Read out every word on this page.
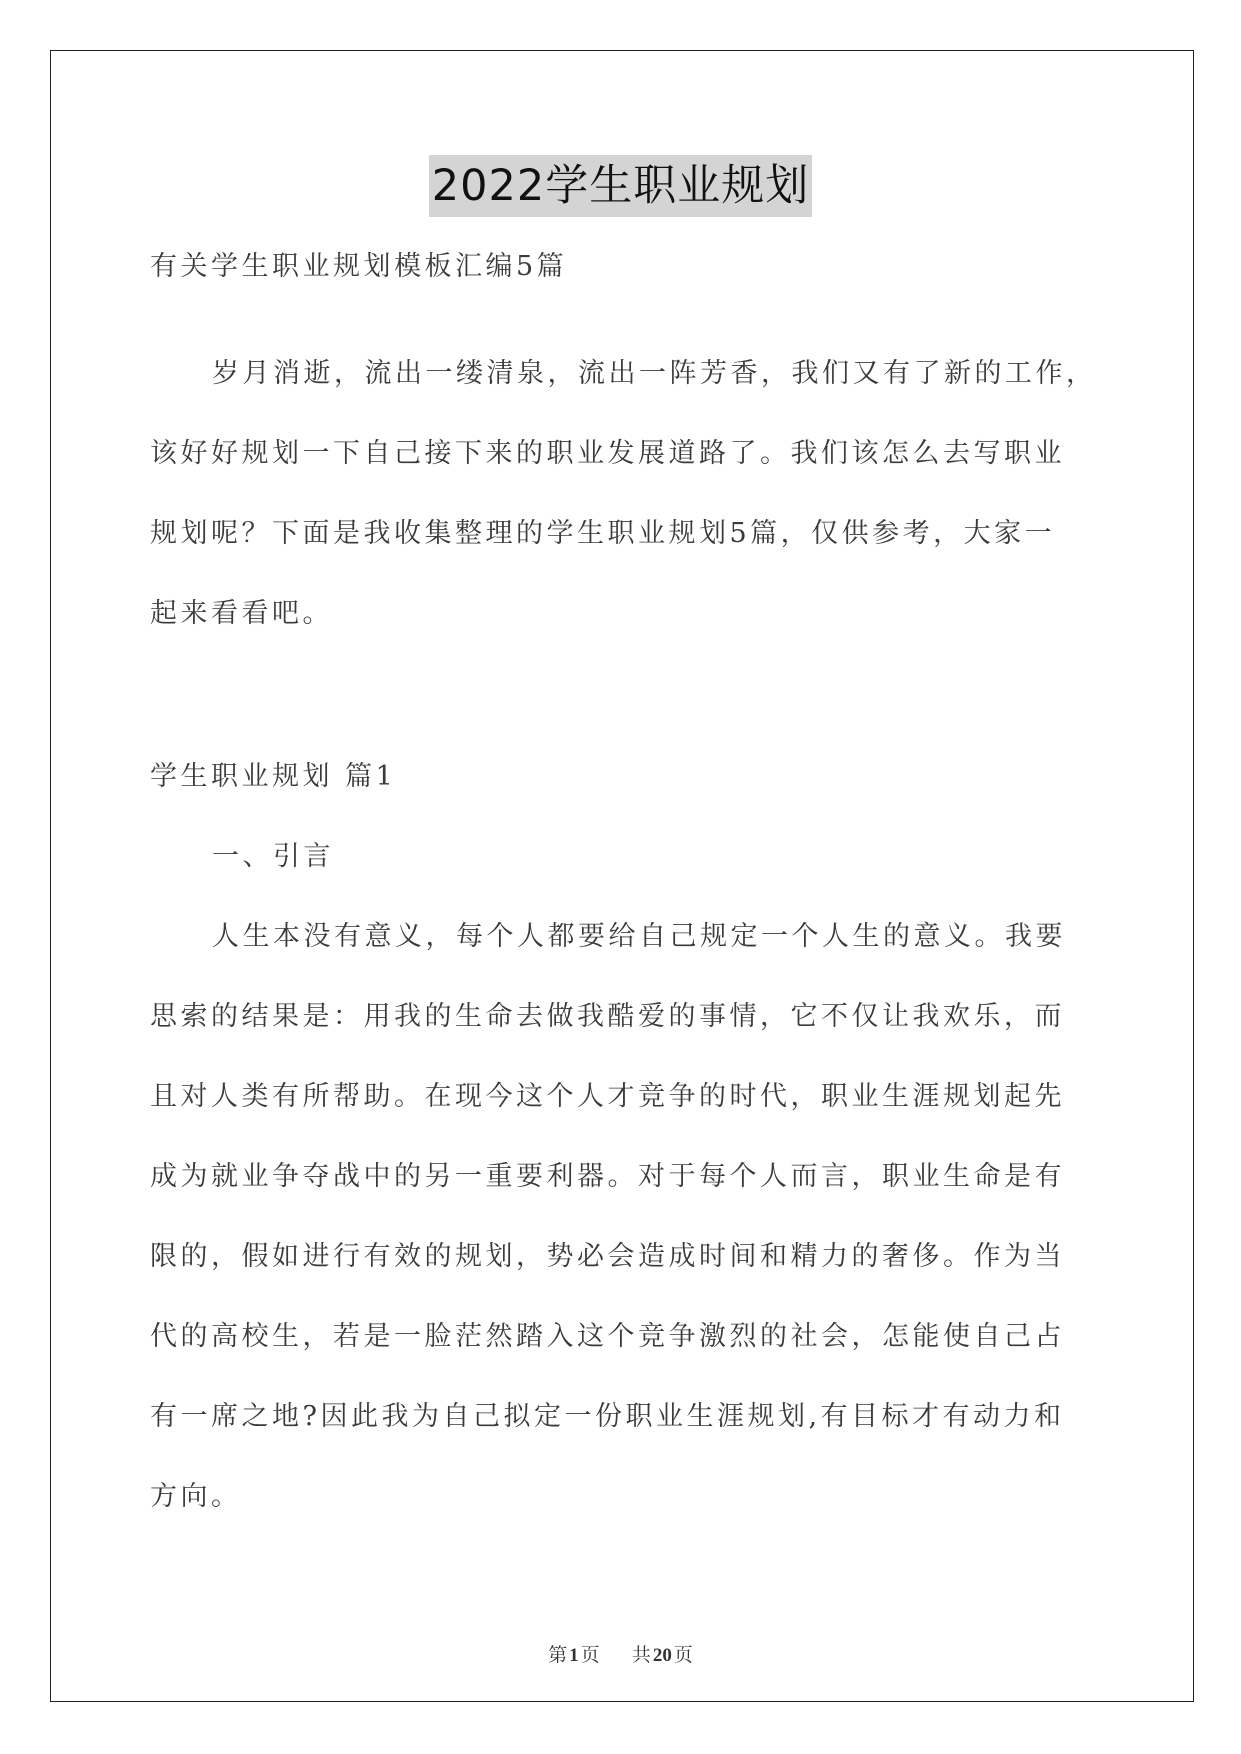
2022学生职业规划
有关学生职业规划模板汇编5篇
岁月消逝，流出一缕清泉，流出一阵芳香，我们又有了新的工作，
该好好规划一下自己接下来的职业发展道路了。我们该怎么去写职业
规划呢？下面是我收集整理的学生职业规划5篇，仅供参考，大家一
起来看看吧。
学生职业规划 篇1
一、引言
人生本没有意义，每个人都要给自己规定一个人生的意义。我要
思索的结果是：用我的生命去做我酷爱的事情，它不仅让我欢乐，而
且对人类有所帮助。在现今这个人才竞争的时代，职业生涯规划起先
成为就业争夺战中的另一重要利器。对于每个人而言，职业生命是有
限的，假如进行有效的规划，势必会造成时间和精力的奢侈。作为当
代的高校生，若是一脸茫然踏入这个竞争激烈的社会，怎能使自己占
有一席之地?因此我为自己拟定一份职业生涯规划,有目标才有动力和
方向。
第 1 页 共 20 页
